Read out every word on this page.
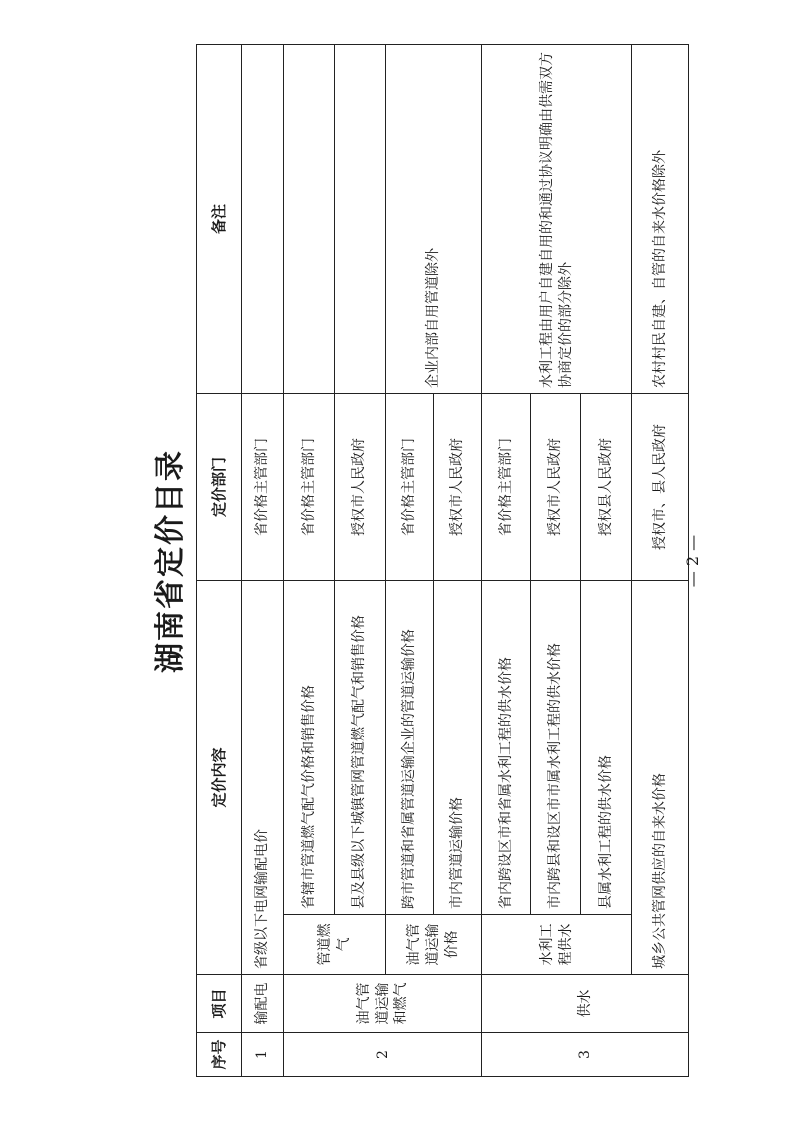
湖南省定价目录
序号	项目	定价内容		定价部门	备注
1	输配电	省级以下电网输配电价		省价格主管部门	
2	油气管道运输和燃气	管道燃气	省辖市管道燃气配气价格和销售价格	省价格主管部门	
			县及县级以下城镇管网管道燃气配气和销售价格	授权市人民政府	
		油气管道运输价格	跨市管道和省属管道运输企业的管道运输价格	省价格主管部门	企业内部自用管道除外
			市内管道运输价格	授权市人民政府	
3	供水	水利工程供水	省内跨设区市和省属水利工程的供水价格	省价格主管部门	水利工程由用户自建自用的和通过协议明确由供需双方协商定价的部分除外
			市内跨县和设区市市属水利工程的供水价格	授权市人民政府	
			县属水利工程的供水价格	授权县人民政府	
		城乡公共管网供应的自来水价格		授权市、县人民政府	农村村民自建、自管的自来水价格除外
— 2 —
